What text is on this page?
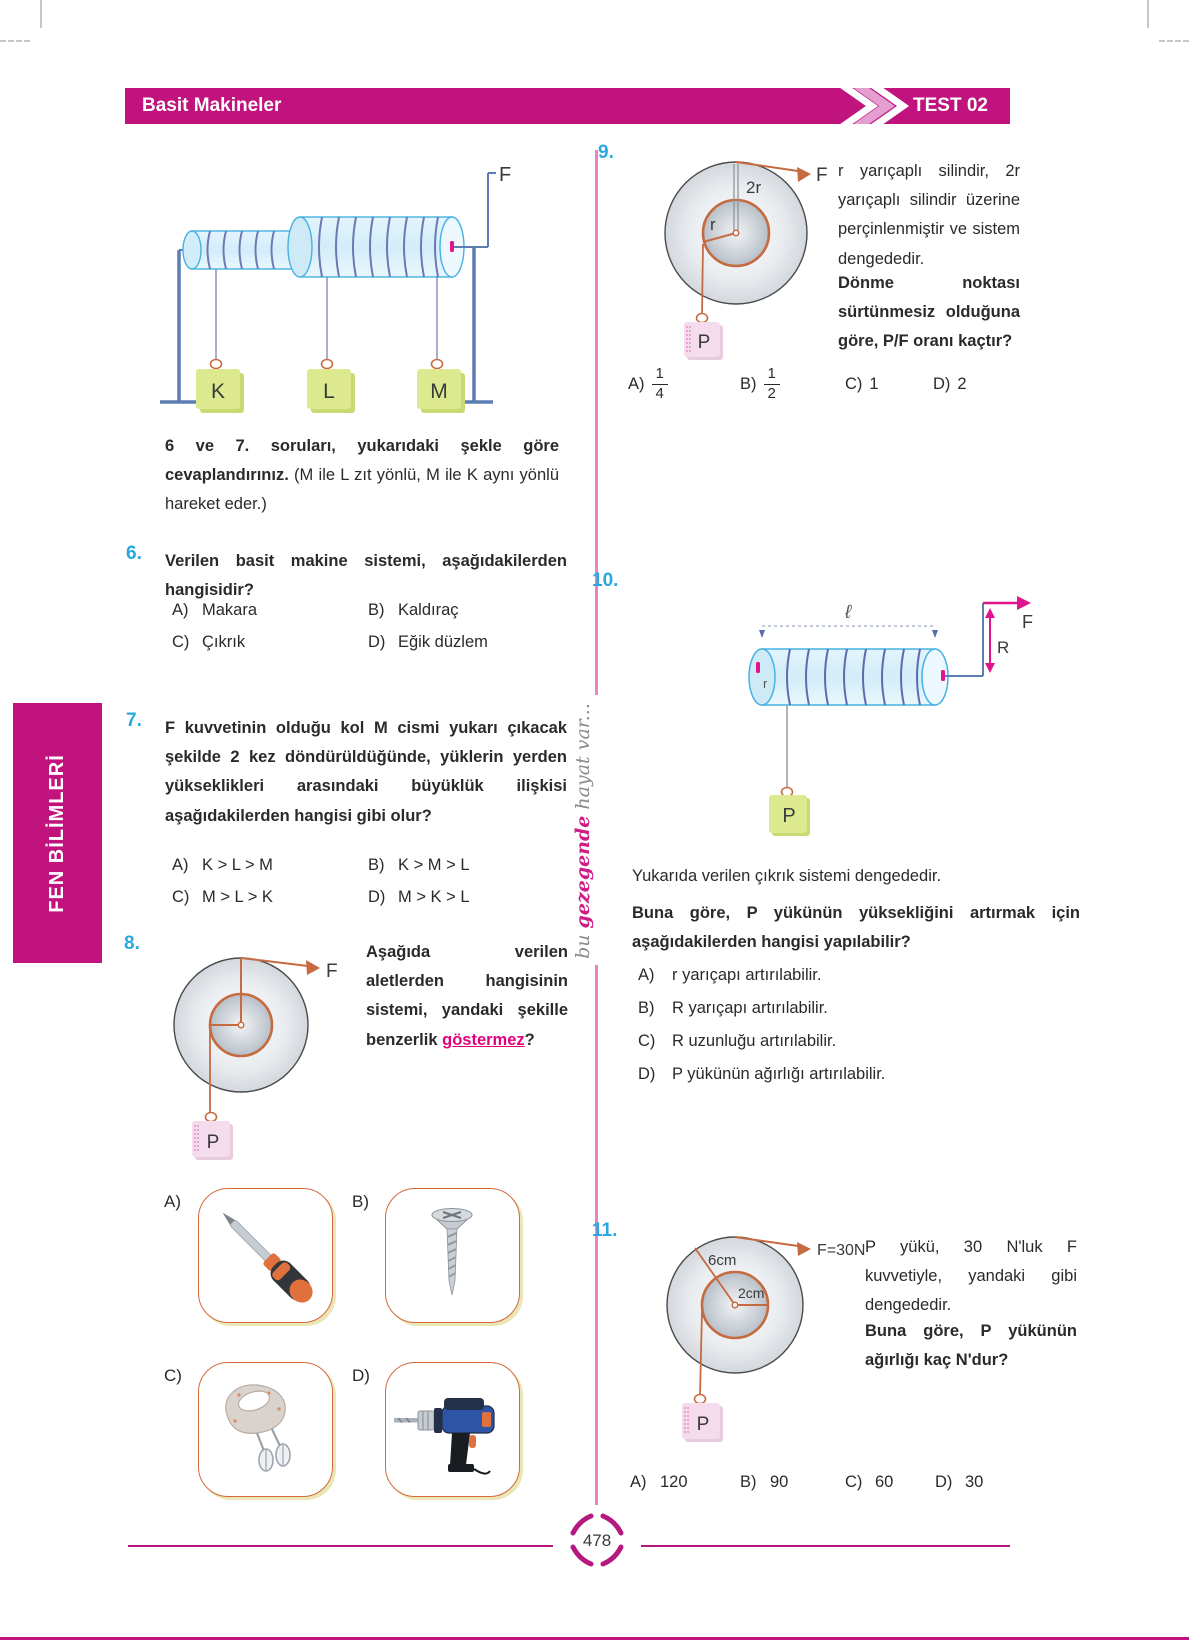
Basit Makineler	TEST 02
FEN BİLİMLERİ
bu gezegende hayat var...
F
K	L	M

6 ve 7. soruları, yukarıdaki şekle göre cevaplandırınız. (M ile L zıt yönlü, M ile K aynı yönlü hareket eder.)

6. Verilen basit makine sistemi, aşağıdakilerden hangisidir?

A) Makara	B) Kaldıraç
C) Çıkrık	D) Eğik düzlem
7. F kuvvetinin olduğu kol M cismi yukarı çıkacak şekilde 2 kez döndürüldüğünde, yüklerin yerden yükseklikleri arasındaki büyüklük ilişkisi aşağıdakilerden hangisi gibi olur?

A) K > L > M	B) K > M > L
C) M > L > K	D) M > K > L
8.
F
P

Aşağıda verilen aletlerden hangisinin sistemi, yandaki şekille benzerlik göstermez?

A)	B)
C)	D)
9.
2r
r
F
P

r yarıçaplı silindir, 2r yarıçaplı silindir üzerine perçinlenmiştir ve sistem dengededir.

Dönme noktası sürtünmesiz olduğuna göre, P/F oranı kaçtır?

$A) \frac{1}{4}$	$B) \frac{1}{2}$	C) 1	D) 2
10.
ℓ
r
F
R
P

Yukarıda verilen çıkrık sistemi dengededir.

Buna göre, P yükünün yüksekliğini artırmak için aşağıdakilerden hangisi yapılabilir?

A) r yarıçapı artırılabilir.
B) R yarıçapı artırılabilir.
C) R uzunluğu artırılabilir.
D) P yükünün ağırlığı artırılabilir.
11.
6cm
2cm
F=30N
P

P yükü, 30 N'luk F kuvvetiyle, yandaki gibi dengededir.

Buna göre, P yükünün ağırlığı kaç N'dur?

A) 120	B) 90	C) 60	D) 30
478
